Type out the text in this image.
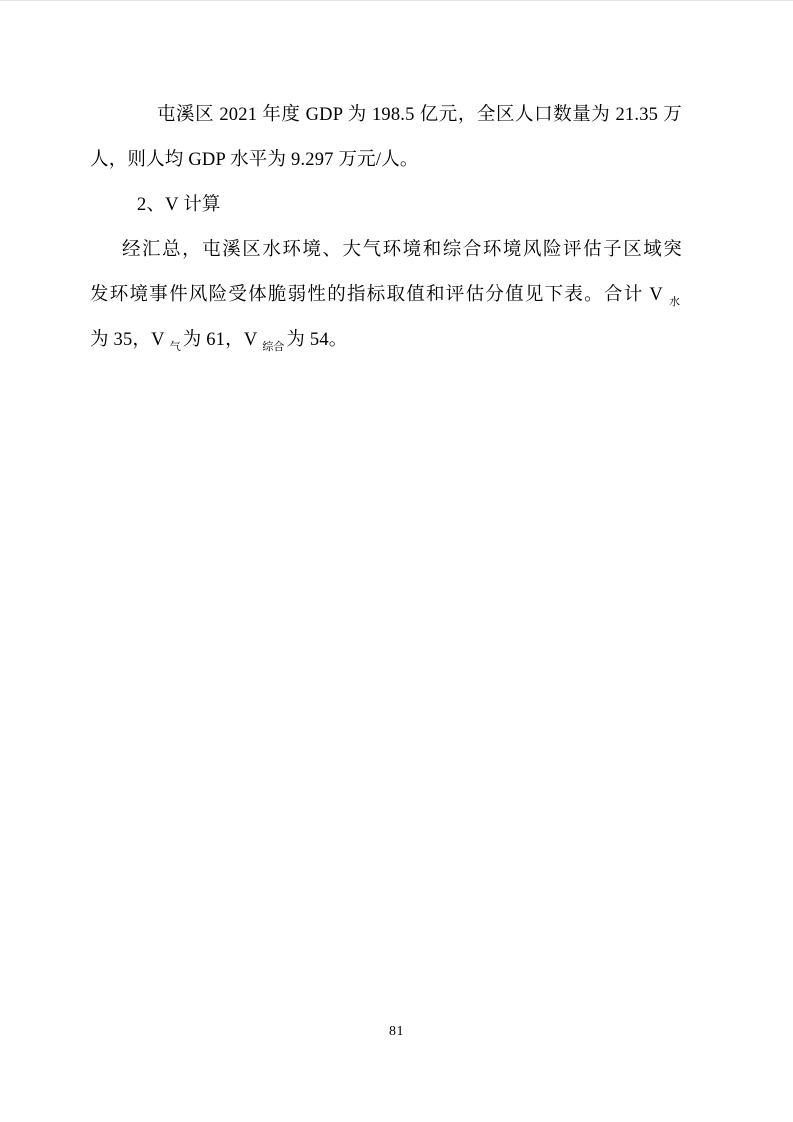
屯溪区 2021 年度 GDP 为 198.5 亿元，全区人口数量为 21.35 万
人，则人均 GDP 水平为 9.297 万元/人。
2、V 计算
经汇总，屯溪区水环境、大气环境和综合环境风险评估子区域突
发环境事件风险受体脆弱性的指标取值和评估分值见下表。合计 V $_水$
为 35，V $_气$ 为 61，V $_{综合}$ 为 54。
81
